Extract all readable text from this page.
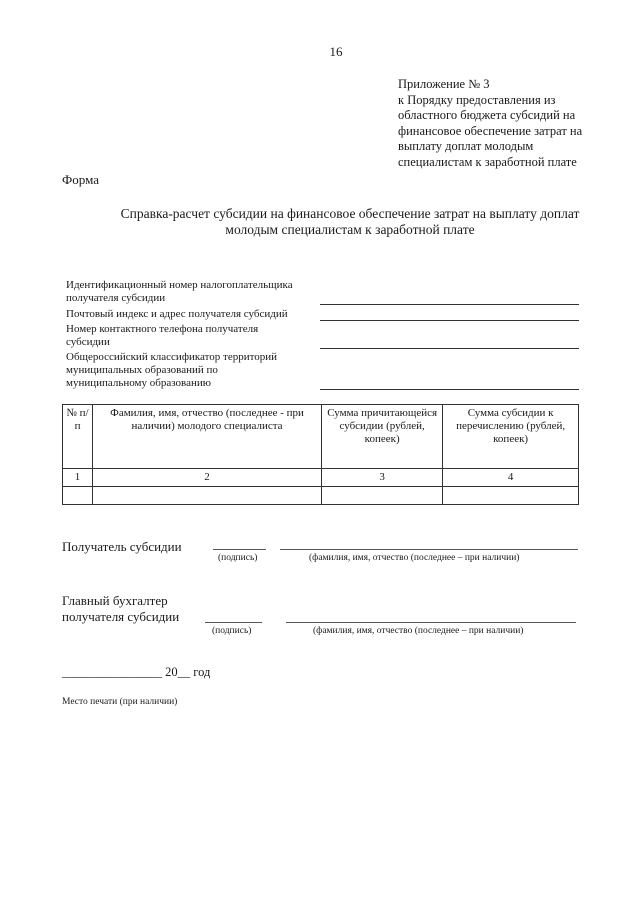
16
Приложение № 3
к Порядку предоставления из
областного бюджета субсидий на
финансовое обеспечение затрат на
выплату доплат молодым
специалистам к заработной плате
Форма
Справка-расчет субсидии на финансовое обеспечение затрат на выплату доплат
молодым специалистам к заработной плате
Идентификационный номер налогоплательщика
получателя субсидии
Почтовый индекс и адрес получателя субсидий
Номер контактного телефона получателя
субсидии
Общероссийский классификатор территорий
муниципальных образований по
муниципальному образованию
№ п/п	Фамилия, имя, отчество (последнее - при наличии) молодого специалиста	Сумма причитающейся субсидии (рублей, копеек)	Сумма субсидии к перечислению (рублей, копеек)
1	2	3	4

Получатель субсидии
(подпись)	(фамилия, имя, отчество (последнее – при наличии)
Главный бухгалтер
получателя субсидии
(подпись)	(фамилия, имя, отчество (последнее – при наличии)
________________ 20__ год
Место печати (при наличии)
